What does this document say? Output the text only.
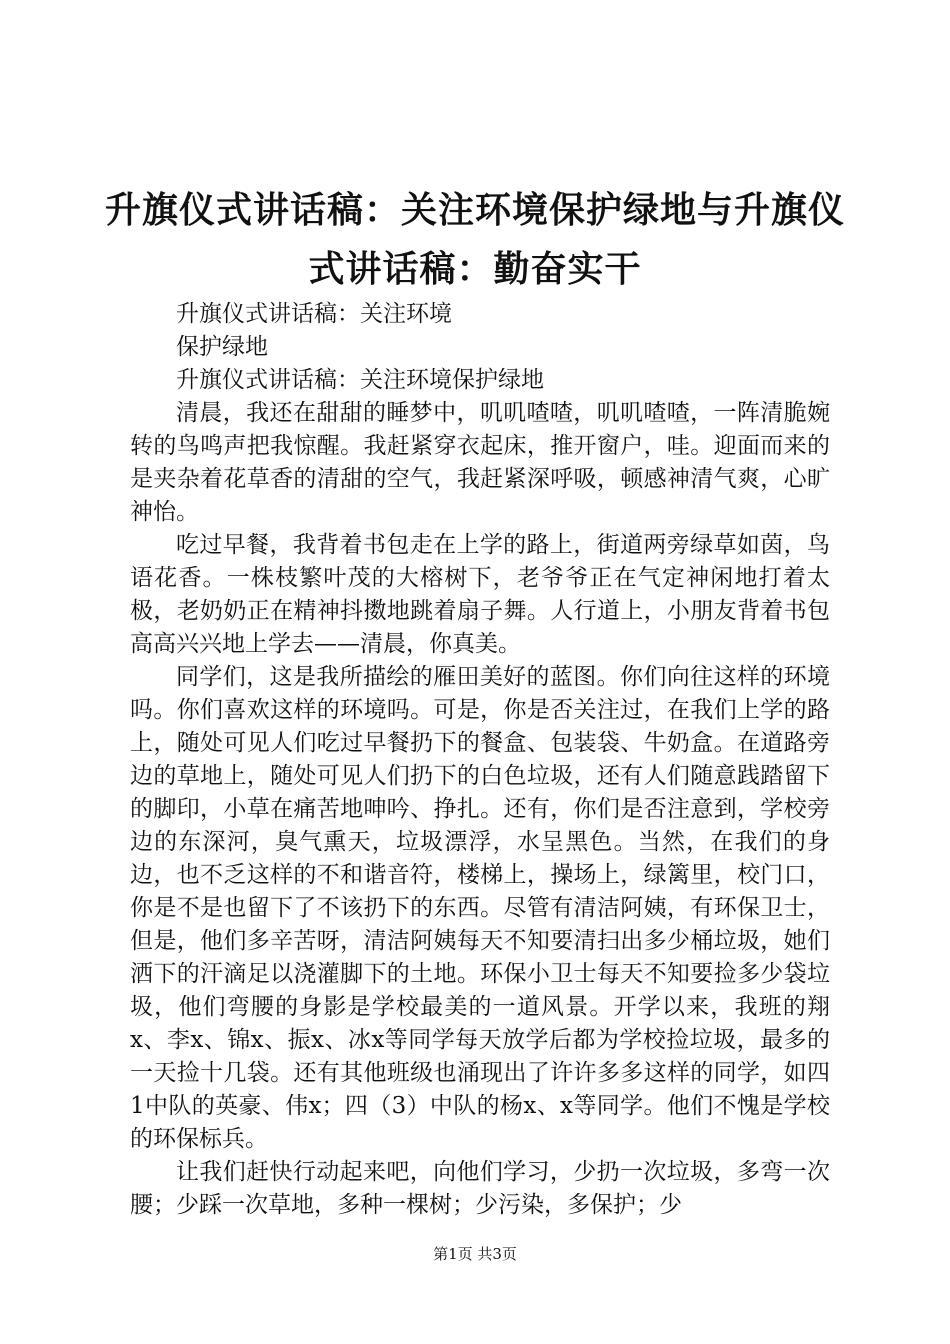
升旗仪式讲话稿：关注环境保护绿地与升旗仪
式讲话稿：勤奋实干

升旗仪式讲话稿：关注环境

保护绿地

升旗仪式讲话稿：关注环境保护绿地

清晨，我还在甜甜的睡梦中，叽叽喳喳，叽叽喳喳，一阵清脆婉转的鸟鸣声把我惊醒。我赶紧穿衣起床，推开窗户，哇。迎面而来的是夹杂着花草香的清甜的空气，我赶紧深呼吸，顿感神清气爽，心旷神怡。

吃过早餐，我背着书包走在上学的路上，街道两旁绿草如茵，鸟语花香。一株枝繁叶茂的大榕树下，老爷爷正在气定神闲地打着太极，老奶奶正在精神抖擞地跳着扇子舞。人行道上，小朋友背着书包高高兴兴地上学去——清晨，你真美。

同学们，这是我所描绘的雁田美好的蓝图。你们向往这样的环境吗。你们喜欢这样的环境吗。可是，你是否关注过，在我们上学的路上，随处可见人们吃过早餐扔下的餐盒、包装袋、牛奶盒。在道路旁边的草地上，随处可见人们扔下的白色垃圾，还有人们随意践踏留下的脚印，小草在痛苦地呻吟、挣扎。还有，你们是否注意到，学校旁边的东深河，臭气熏天，垃圾漂浮，水呈黑色。当然，在我们的身边，也不乏这样的不和谐音符，楼梯上，操场上，绿篱里，校门口，你是不是也留下了不该扔下的东西。尽管有清洁阿姨，有环保卫士，但是，他们多辛苦呀，清洁阿姨每天不知要清扫出多少桶垃圾，她们洒下的汗滴足以浇灌脚下的土地。环保小卫士每天不知要捡多少袋垃圾，他们弯腰的身影是学校最美的一道风景。开学以来，我班的翔x、李x、锦x、振x、冰x等同学每天放学后都为学校捡垃圾，最多的一天捡十几袋。还有其他班级也涌现出了许许多多这样的同学，如四1中队的英豪、伟x；四（3）中队的杨x、x等同学。他们不愧是学校的环保标兵。

让我们赶快行动起来吧，向他们学习，少扔一次垃圾，多弯一次腰；少踩一次草地，多种一棵树；少污染，多保护；少

第1页 共3页
